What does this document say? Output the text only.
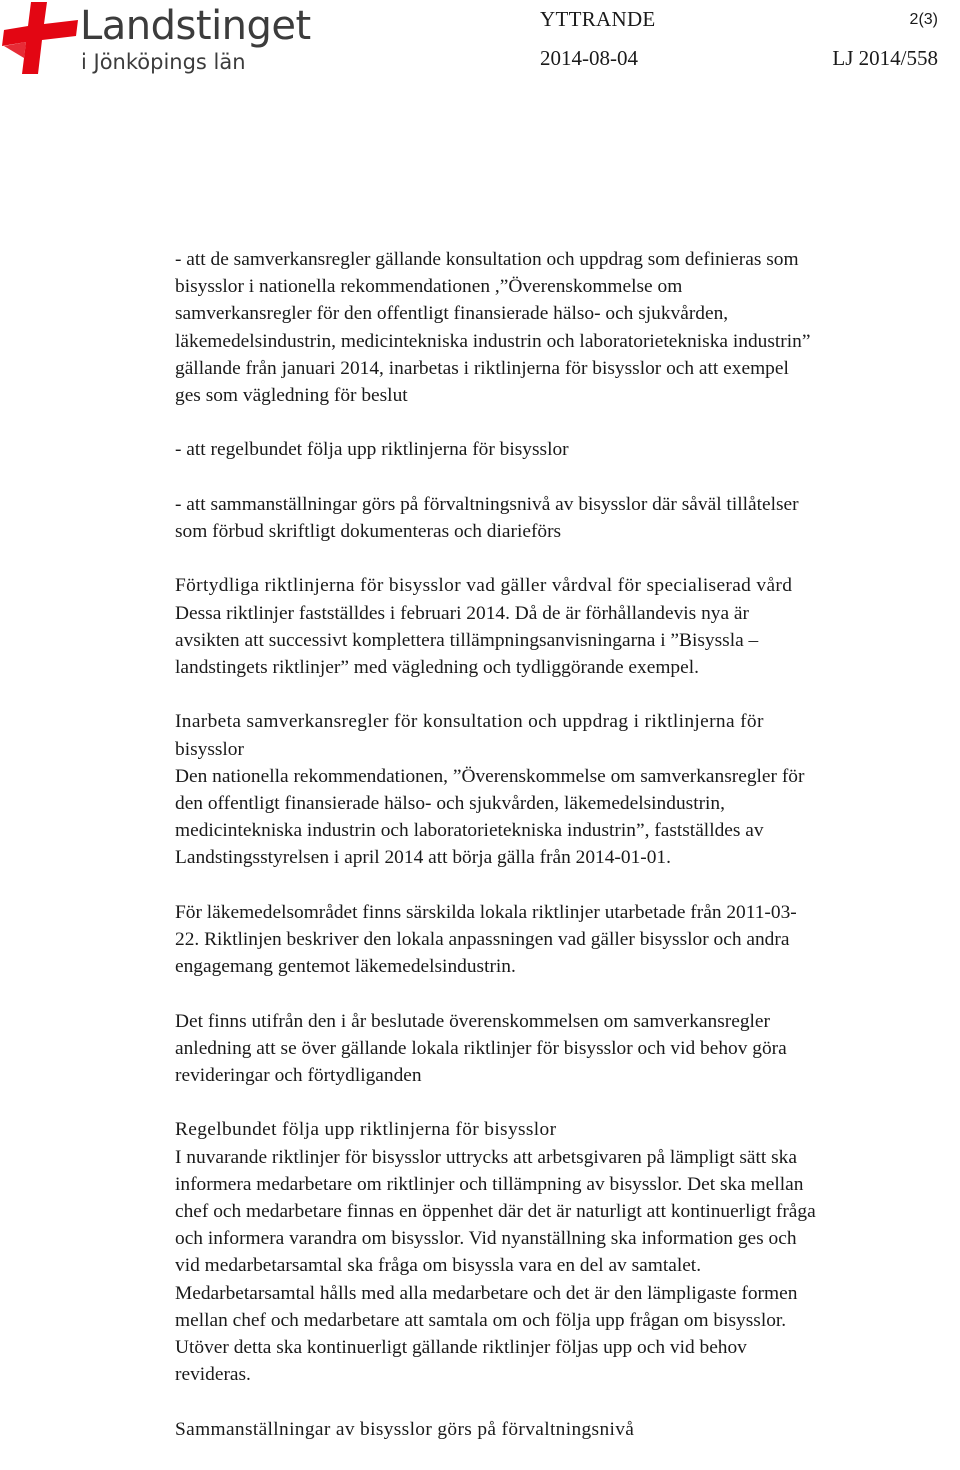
Landstinget
i Jönköpings län
YTTRANDE	2(3)
2014-08-04	LJ 2014/558

- att de samverkansregler gällande konsultation och uppdrag som definieras som
bisysslor i nationella rekommendationen ,”Överenskommelse om
samverkansregler för den offentligt finansierade hälso- och sjukvården,
läkemedelsindustrin, medicintekniska industrin och laboratorietekniska industrin”
gällande från januari 2014, inarbetas i riktlinjerna för bisysslor och att exempel
ges som vägledning för beslut

- att regelbundet följa upp riktlinjerna för bisysslor

- att sammanställningar görs på förvaltningsnivå av bisysslor där såväl tillåtelser
som förbud skriftligt dokumenteras och diarieförs

Förtydliga riktlinjerna för bisysslor vad gäller vårdval för specialiserad vård
Dessa riktlinjer fastställdes i februari 2014. Då de är förhållandevis nya är
avsikten att successivt komplettera tillämpningsanvisningarna i ”Bisyssla –
landstingets riktlinjer” med vägledning och tydliggörande exempel.

Inarbeta samverkansregler för konsultation och uppdrag i riktlinjerna för
bisysslor
Den nationella rekommendationen, ”Överenskommelse om samverkansregler för
den offentligt finansierade hälso- och sjukvården, läkemedelsindustrin,
medicintekniska industrin och laboratorietekniska industrin”, fastställdes av
Landstingsstyrelsen i april 2014 att börja gälla från 2014-01-01.

För läkemedelsområdet finns särskilda lokala riktlinjer utarbetade från 2011-03-
22. Riktlinjen beskriver den lokala anpassningen vad gäller bisysslor och andra
engagemang gentemot läkemedelsindustrin.

Det finns utifrån den i år beslutade överenskommelsen om samverkansregler
anledning att se över gällande lokala riktlinjer för bisysslor och vid behov göra
revideringar och förtydliganden

Regelbundet följa upp riktlinjerna för bisysslor
I nuvarande riktlinjer för bisysslor uttrycks att arbetsgivaren på lämpligt sätt ska
informera medarbetare om riktlinjer och tillämpning av bisysslor. Det ska mellan
chef och medarbetare finnas en öppenhet där det är naturligt att kontinuerligt fråga
och informera varandra om bisysslor. Vid nyanställning ska information ges och
vid medarbetarsamtal ska fråga om bisyssla vara en del av samtalet.
Medarbetarsamtal hålls med alla medarbetare och det är den lämpligaste formen
mellan chef och medarbetare att samtala om och följa upp frågan om bisysslor.
Utöver detta ska kontinuerligt gällande riktlinjer följas upp och vid behov
revideras.

Sammanställningar av bisysslor görs på förvaltningsnivå
